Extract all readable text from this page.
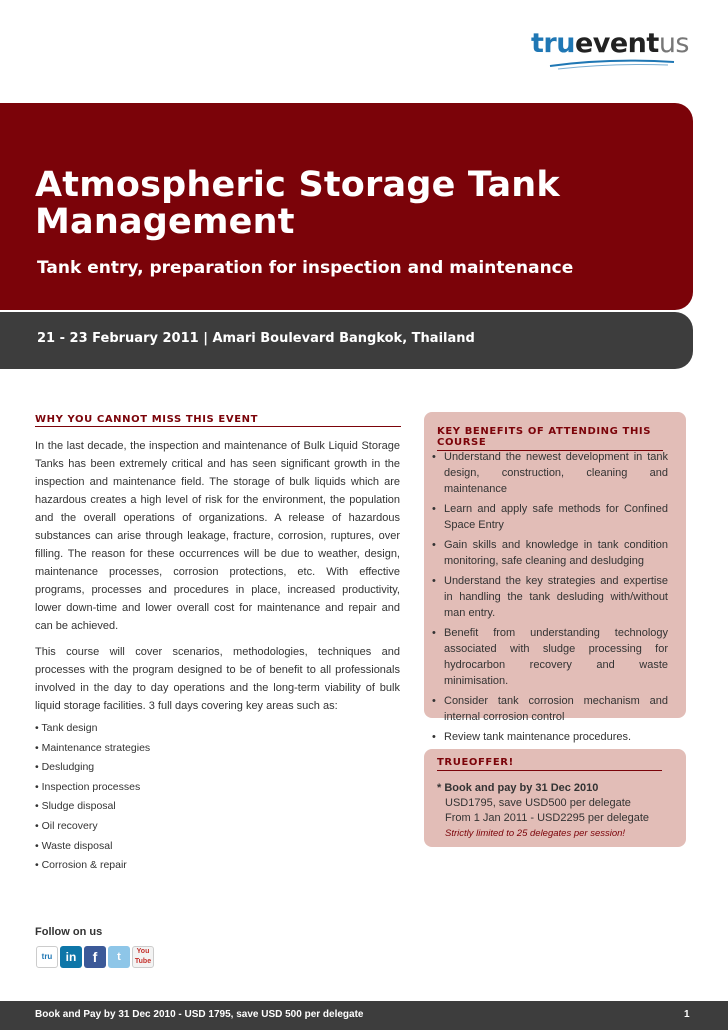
trueventus
Atmospheric Storage Tank Management

Tank entry, preparation for inspection and maintenance

21 - 23 February 2011 | Amari Boulevard Bangkok, Thailand

WHY YOU CANNOT MISS THIS EVENT

In the last decade, the inspection and maintenance of Bulk Liquid Storage Tanks has been extremely critical and has seen significant growth in the inspection and maintenance field. The storage of bulk liquids which are hazardous creates a high level of risk for the environment, the population and the overall operations of organizations. A release of hazardous substances can arise through leakage, fracture, corrosion, ruptures, over filling. The reason for these occurrences will be due to weather, design, maintenance processes, corrosion protections, etc. With effective programs, processes and procedures in place, increased productivity, lower down-time and lower overall cost for maintenance and repair and can be achieved.

This course will cover scenarios, methodologies, techniques and processes with the program designed to be of benefit to all professionals involved in the day to day operations and the long-term viability of bulk liquid storage facilities. 3 full days covering key areas such as:

• Tank design
• Maintenance strategies
• Desludging
• Inspection processes
• Sludge disposal
• Oil recovery
• Waste disposal
• Corrosion & repair
KEY BENEFITS OF ATTENDING THIS COURSE
• Understand the newest development in tank design, construction, cleaning and maintenance
• Learn and apply safe methods for Confined Space Entry
• Gain skills and knowledge in tank condition monitoring, safe cleaning and desludging
• Understand the key strategies and expertise in handling the tank desluding with/without man entry.
• Benefit from understanding technology associated with sludge processing for hydrocarbon recovery and waste minimisation.
• Consider tank corrosion mechanism and internal corrosion control
• Review tank maintenance procedures.
TRUEOFFER!

* Book and pay by 31 Dec 2010

USD1795, save USD500 per delegate

From 1 Jan 2011 - USD2295 per delegate

Strictly limited to 25 delegates per session!

Follow on us

tru	in	f	t	You Tube

Book and Pay by 31 Dec 2010 - USD 1795, save USD 500 per delegate	1
